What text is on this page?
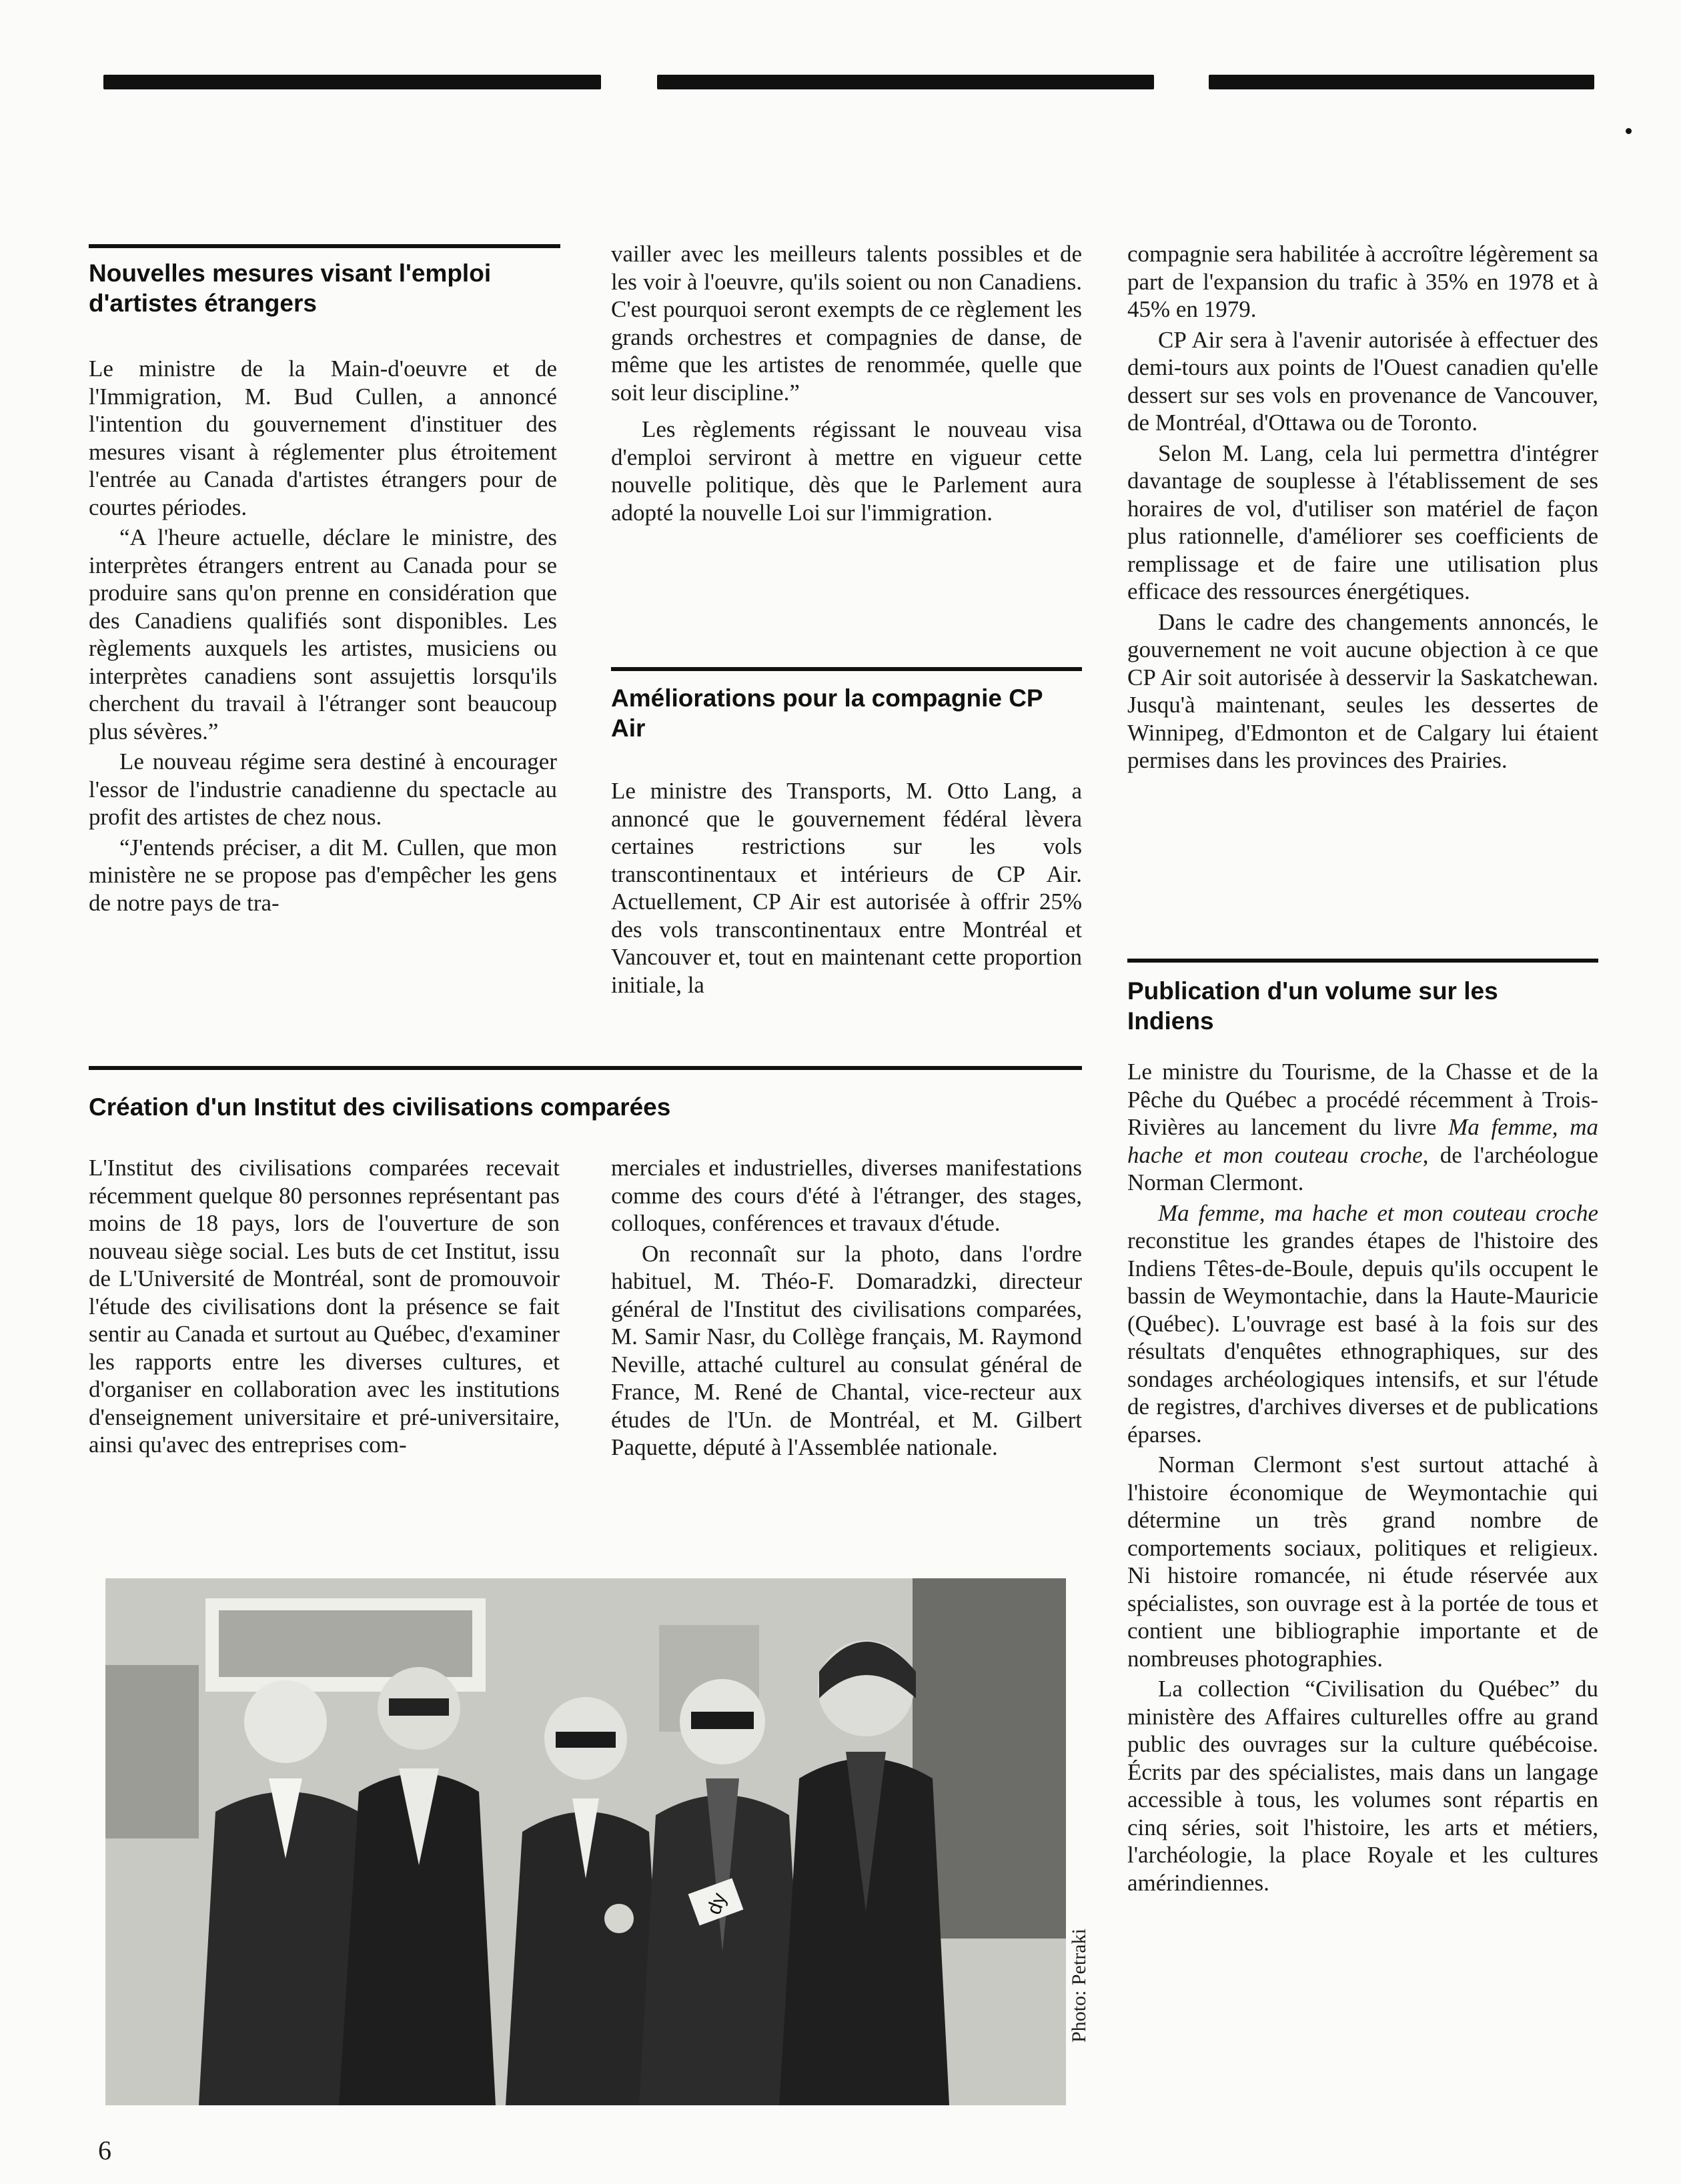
Nouvelles mesures visant l'emploi d'artistes étrangers

Le ministre de la Main-d'oeuvre et de l'Immigration, M. Bud Cullen, a annoncé l'intention du gouvernement d'instituer des mesures visant à réglementer plus étroitement l'entrée au Canada d'artistes étrangers pour de courtes périodes.

“A l'heure actuelle, déclare le ministre, des interprètes étrangers entrent au Canada pour se produire sans qu'on prenne en considération que des Canadiens qualifiés sont disponibles. Les règlements auxquels les artistes, musiciens ou interprètes canadiens sont assujettis lorsqu'ils cherchent du travail à l'étranger sont beaucoup plus sévères.”

Le nouveau régime sera destiné à encourager l'essor de l'industrie canadienne du spectacle au profit des artistes de chez nous.

“J'entends préciser, a dit M. Cullen, que mon ministère ne se propose pas d'empêcher les gens de notre pays de tra-

vailler avec les meilleurs talents possibles et de les voir à l'oeuvre, qu'ils soient ou non Canadiens. C'est pourquoi seront exempts de ce règlement les grands orchestres et compagnies de danse, de même que les artistes de renommée, quelle que soit leur discipline.”

Les règlements régissant le nouveau visa d'emploi serviront à mettre en vigueur cette nouvelle politique, dès que le Parlement aura adopté la nouvelle Loi sur l'immigration.

Améliorations pour la compagnie CP Air

Le ministre des Transports, M. Otto Lang, a annoncé que le gouvernement fédéral lèvera certaines restrictions sur les vols transcontinentaux et intérieurs de CP Air. Actuellement, CP Air est autorisée à offrir 25% des vols transcontinentaux entre Montréal et Vancouver et, tout en maintenant cette proportion initiale, la

compagnie sera habilitée à accroître légèrement sa part de l'expansion du trafic à 35% en 1978 et à 45% en 1979.

CP Air sera à l'avenir autorisée à effectuer des demi-tours aux points de l'Ouest canadien qu'elle dessert sur ses vols en provenance de Vancouver, de Montréal, d'Ottawa ou de Toronto.

Selon M. Lang, cela lui permettra d'intégrer davantage de souplesse à l'établissement de ses horaires de vol, d'utiliser son matériel de façon plus rationnelle, d'améliorer ses coefficients de remplissage et de faire une utilisation plus efficace des ressources énergétiques.

Dans le cadre des changements annoncés, le gouvernement ne voit aucune objection à ce que CP Air soit autorisée à desservir la Saskatchewan. Jusqu'à maintenant, seules les dessertes de Winnipeg, d'Edmonton et de Calgary lui étaient permises dans les provinces des Prairies.

Création d'un Institut des civilisations comparées

L'Institut des civilisations comparées recevait récemment quelque 80 personnes représentant pas moins de 18 pays, lors de l'ouverture de son nouveau siège social. Les buts de cet Institut, issu de L'Université de Montréal, sont de promouvoir l'étude des civilisations dont la présence se fait sentir au Canada et surtout au Québec, d'examiner les rapports entre les diverses cultures, et d'organiser en collaboration avec les institutions d'enseignement universitaire et pré-universitaire, ainsi qu'avec des entreprises com-

merciales et industrielles, diverses manifestations comme des cours d'été à l'étranger, des stages, colloques, conférences et travaux d'étude.

On reconnaît sur la photo, dans l'ordre habituel, M. Théo-F. Domaradzki, directeur général de l'Institut des civilisations comparées, M. Samir Nasr, du Collège français, M. Raymond Neville, attaché culturel au consulat général de France, M. René de Chantal, vice-recteur aux études de l'Un. de Montréal, et M. Gilbert Paquette, député à l'Assemblée nationale.

dy
Photo: Petraki
Publication d'un volume sur les Indiens

Le ministre du Tourisme, de la Chasse et de la Pêche du Québec a procédé récemment à Trois-Rivières au lancement du livre Ma femme, ma hache et mon couteau croche, de l'archéologue Norman Clermont.

Ma femme, ma hache et mon couteau croche reconstitue les grandes étapes de l'histoire des Indiens Têtes-de-Boule, depuis qu'ils occupent le bassin de Weymontachie, dans la Haute-Mauricie (Québec). L'ouvrage est basé à la fois sur des résultats d'enquêtes ethnographiques, sur des sondages archéologiques intensifs, et sur l'étude de registres, d'archives diverses et de publications éparses.

Norman Clermont s'est surtout attaché à l'histoire économique de Weymontachie qui détermine un très grand nombre de comportements sociaux, politiques et religieux. Ni histoire romancée, ni étude réservée aux spécialistes, son ouvrage est à la portée de tous et contient une bibliographie importante et de nombreuses photographies.

La collection “Civilisation du Québec” du ministère des Affaires culturelles offre au grand public des ouvrages sur la culture québécoise. Écrits par des spécialistes, mais dans un langage accessible à tous, les volumes sont répartis en cinq séries, soit l'histoire, les arts et métiers, l'archéologie, la place Royale et les cultures amérindiennes.

6
